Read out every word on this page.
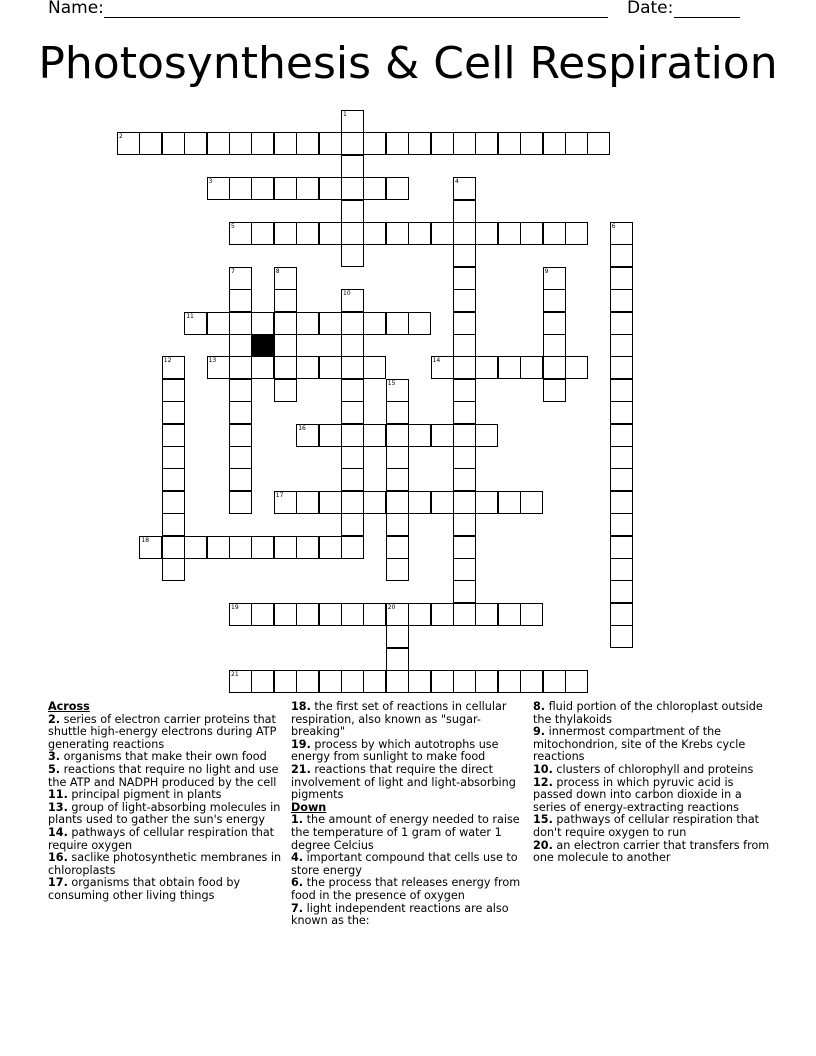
Name:	Date:
Photosynthesis & Cell Respiration
1
2
3	4
5	6
7	8	9
10
11
12	13	14
15
16
17
18
19	20
21
Across
2. series of electron carrier proteins that shuttle high-energy electrons during ATP generating reactions
3. organisms that make their own food
5. reactions that require no light and use the ATP and NADPH produced by the cell
11. principal pigment in plants
13. group of light-absorbing molecules in plants used to gather the sun's energy
14. pathways of cellular respiration that require oxygen
16. saclike photosynthetic membranes in chloroplasts
17. organisms that obtain food by consuming other living things
18. the first set of reactions in cellular respiration, also known as "sugar-breaking"
19. process by which autotrophs use energy from sunlight to make food
21. reactions that require the direct involvement of light and light-absorbing pigments
Down
1. the amount of energy needed to raise the temperature of 1 gram of water 1 degree Celcius
4. important compound that cells use to store energy
6. the process that releases energy from food in the presence of oxygen
7. light independent reactions are also known as the:
8. fluid portion of the chloroplast outside the thylakoids
9. innermost compartment of the mitochondrion, site of the Krebs cycle reactions
10. clusters of chlorophyll and proteins
12. process in which pyruvic acid is passed down into carbon dioxide in a series of energy-extracting reactions
15. pathways of cellular respiration that don't require oxygen to run
20. an electron carrier that transfers from one molecule to another
